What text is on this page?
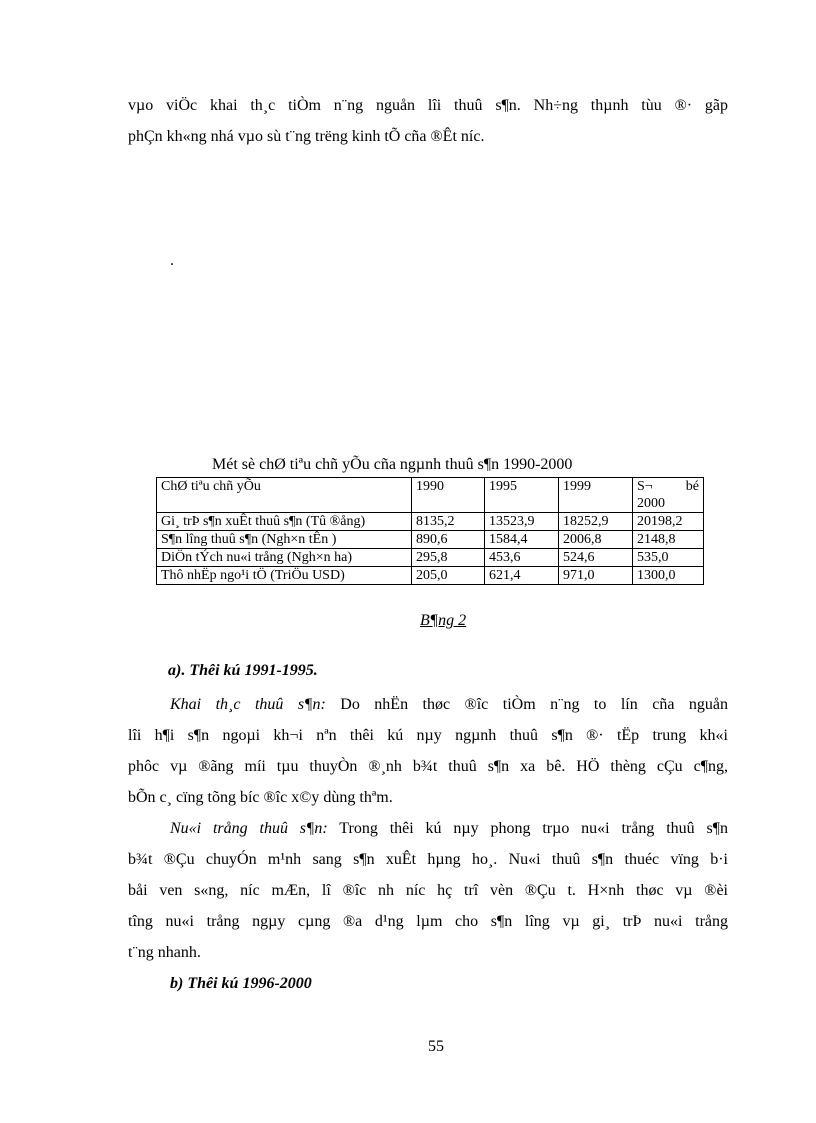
vµo viÖc khai th¸c tiÒm n¨ng nguån lîi thuû s¶n. Nh÷ng thµnh tùu ®· gãp
phÇn kh«ng nhá vµo sù t¨ng trëng kinh tÕ cña ®Êt níc.
.
Mét sè chØ tiªu chñ yÕu cña ngµnh thuû s¶n 1990-2000
ChØ tiªu chñ yÕu	1990	1995	1999	S¬ bé 2000
Gi¸ trÞ s¶n xuÊt thuû s¶n (Tû ®ång)	8135,2	13523,9	18252,9	20198,2
S¶n lîng thuû s¶n (Ngh×n tÊn )	890,6	1584,4	2006,8	2148,8
DiÖn tÝch nu«i trång (Ngh×n ha)	295,8	453,6	524,6	535,0
Thô nhËp ngo¹i tÖ (TriÖu USD)	205,0	621,4	971,0	1300,0
B¶ng 2
a). Thêi kú 1991-1995.
Khai th¸c thuû s¶n: Do nhËn thøc ®îc tiÒm n¨ng to lín cña nguån
lîi h¶i s¶n ngoµi kh¬i nªn thêi kú nµy ngµnh thuû s¶n ®· tËp trung kh«i
phôc vµ ®ãng míi tµu thuyÒn ®¸nh b¾t thuû s¶n xa bê. HÖ thèng cÇu c¶ng,
bÕn c¸ cïng tõng bíc ®îc x©y dùng thªm.
Nu«i trång thuû s¶n: Trong thêi kú nµy phong trµo nu«i trång thuû s¶n
b¾t ®Çu chuyÓn m¹nh sang s¶n xuÊt hµng ho¸. Nu«i thuû s¶n thuéc vïng b·i
båi ven s«ng, níc mÆn, lî ®îc nh níc hç trî vèn ®Çu t. H×nh thøc vµ ®èi
tîng nu«i trång ngµy cµng ®a d¹ng lµm cho s¶n lîng vµ gi¸ trÞ nu«i trång
t¨ng nhanh.
b) Thêi kú 1996-2000
55
